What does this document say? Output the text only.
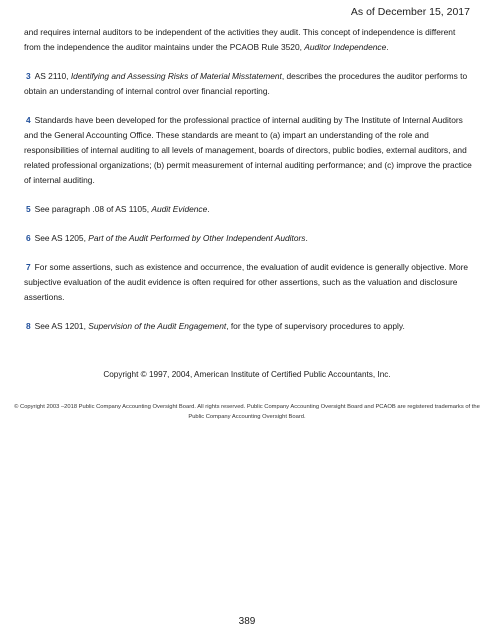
As of December 15, 2017

and requires internal auditors to be independent of the activities they audit. This concept of independence is different from the independence the auditor maintains under the PCAOB Rule 3520, Auditor Independence.

3 AS 2110, Identifying and Assessing Risks of Material Misstatement, describes the procedures the auditor performs to obtain an understanding of internal control over financial reporting.

4 Standards have been developed for the professional practice of internal auditing by The Institute of Internal Auditors and the General Accounting Office. These standards are meant to (a) impart an understanding of the role and responsibilities of internal auditing to all levels of management, boards of directors, public bodies, external auditors, and related professional organizations; (b) permit measurement of internal auditing performance; and (c) improve the practice of internal auditing.

5 See paragraph .08 of AS 1105, Audit Evidence.

6 See AS 1205, Part of the Audit Performed by Other Independent Auditors.

7 For some assertions, such as existence and occurrence, the evaluation of audit evidence is generally objective. More subjective evaluation of the audit evidence is often required for other assertions, such as the valuation and disclosure assertions.

8 See AS 1201, Supervision of the Audit Engagement, for the type of supervisory procedures to apply.

Copyright © 1997, 2004, American Institute of Certified Public Accountants, Inc.
© Copyright 2003 –2018 Public Company Accounting Oversight Board. All rights reserved. Public Company Accounting Oversight Board and PCAOB are registered trademarks of the Public Company Accounting Oversight Board.
389
